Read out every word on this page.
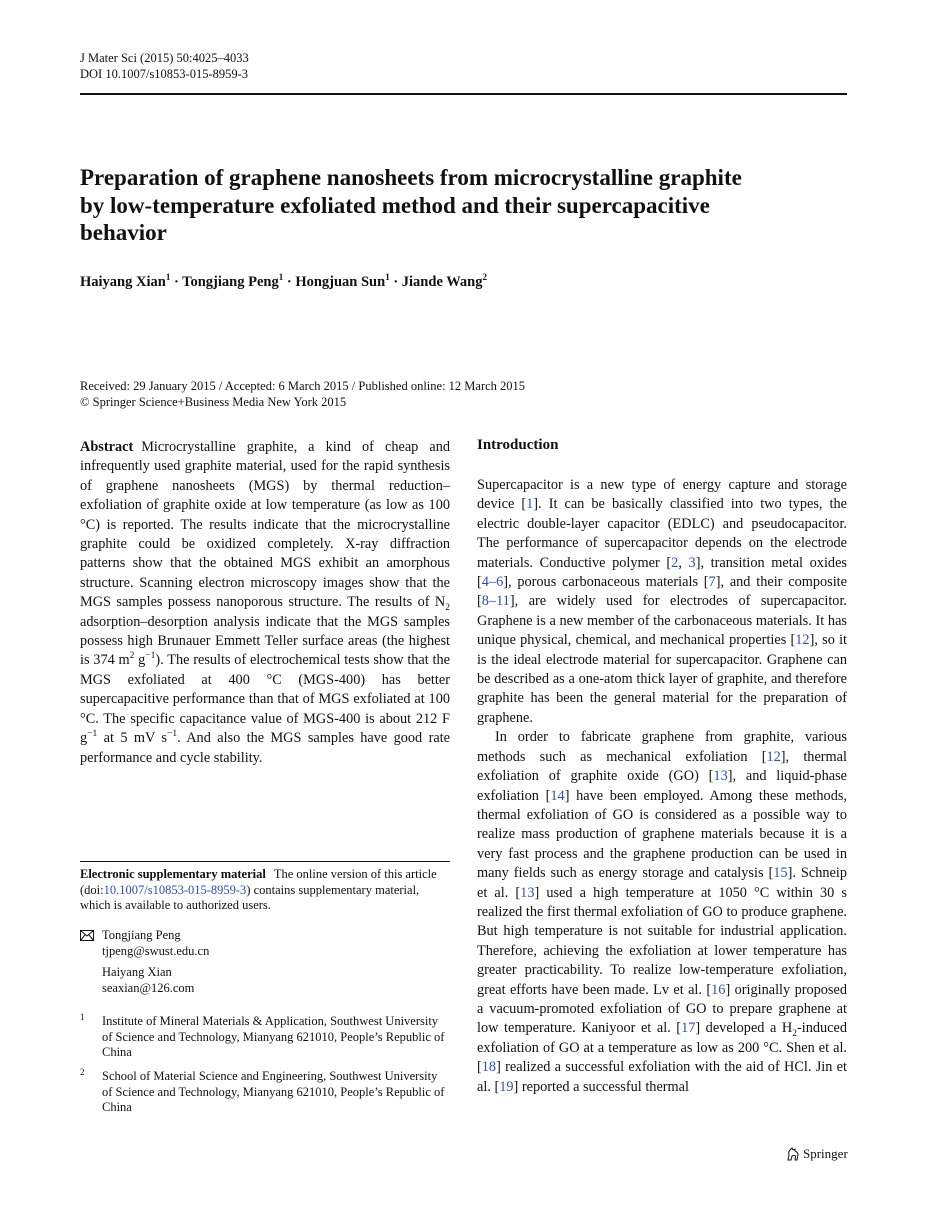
J Mater Sci (2015) 50:4025–4033
DOI 10.1007/s10853-015-8959-3
Preparation of graphene nanosheets from microcrystalline graphite by low-temperature exfoliated method and their supercapacitive behavior
Haiyang Xian$^1$ · Tongjiang Peng$^1$ · Hongjuan Sun$^1$ · Jiande Wang$^2$
Received: 29 January 2015 / Accepted: 6 March 2015 / Published online: 12 March 2015
© Springer Science+Business Media New York 2015

Abstract Microcrystalline graphite, a kind of cheap and infrequently used graphite material, used for the rapid synthesis of graphene nanosheets (MGS) by thermal reduction–exfoliation of graphite oxide at low temperature (as low as 100 °C) is reported. The results indicate that the microcrystalline graphite could be oxidized completely. X-ray diffraction patterns show that the obtained MGS exhibit an amorphous structure. Scanning electron microscopy images show that the MGS samples possess nanoporous structure. The results of $N_2$ adsorption–desorption analysis indicate that the MGS samples possess high Brunauer Emmett Teller surface areas (the highest is 374 $m^2$ $g^{-1}$). The results of electrochemical tests show that the MGS exfoliated at 400 °C (MGS-400) has better supercapacitive performance than that of MGS exfoliated at 100 °C. The specific capacitance value of MGS-400 is about 212 F $g^{-1}$ at 5 mV $s^{-1}$. And also the MGS samples have good rate performance and cycle stability.

Electronic supplementary material The online version of this article (doi:10.1007/s10853-015-8959-3) contains supplementary material, which is available to authorized users.
Tongjiang Peng
tjpeng@swust.edu.cn
Haiyang Xian
seaxian@126.com
1 Institute of Mineral Materials & Application, Southwest University of Science and Technology, Mianyang 621010, People’s Republic of China
2 School of Material Science and Engineering, Southwest University of Science and Technology, Mianyang 621010, People’s Republic of China
Introduction

Supercapacitor is a new type of energy capture and storage device [1]. It can be basically classified into two types, the electric double-layer capacitor (EDLC) and pseudocapacitor. The performance of supercapacitor depends on the electrode materials. Conductive polymer [2, 3], transition metal oxides [4–6], porous carbonaceous materials [7], and their composite [8–11], are widely used for electrodes of supercapacitor. Graphene is a new member of the carbonaceous materials. It has unique physical, chemical, and mechanical properties [12], so it is the ideal electrode material for supercapacitor. Graphene can be described as a one-atom thick layer of graphite, and therefore graphite has been the general material for the preparation of graphene.

In order to fabricate graphene from graphite, various methods such as mechanical exfoliation [12], thermal exfoliation of graphite oxide (GO) [13], and liquid-phase exfoliation [14] have been employed. Among these methods, thermal exfoliation of GO is considered as a possible way to realize mass production of graphene materials because it is a very fast process and the graphene production can be used in many fields such as energy storage and catalysis [15]. Schneip et al. [13] used a high temperature at 1050 °C within 30 s realized the first thermal exfoliation of GO to produce graphene. But high temperature is not suitable for industrial application. Therefore, achieving the exfoliation at lower temperature has greater practicability. To realize low-temperature exfoliation, great efforts have been made. Lv et al. [16] originally proposed a vacuum-promoted exfoliation of GO to prepare graphene at low temperature. Kaniyoor et al. [17] developed a $H_2$-induced exfoliation of GO at a temperature as low as 200 °C. Shen et al. [18] realized a successful exfoliation with the aid of HCl. Jin et al. [19] reported a successful thermal

Springer
